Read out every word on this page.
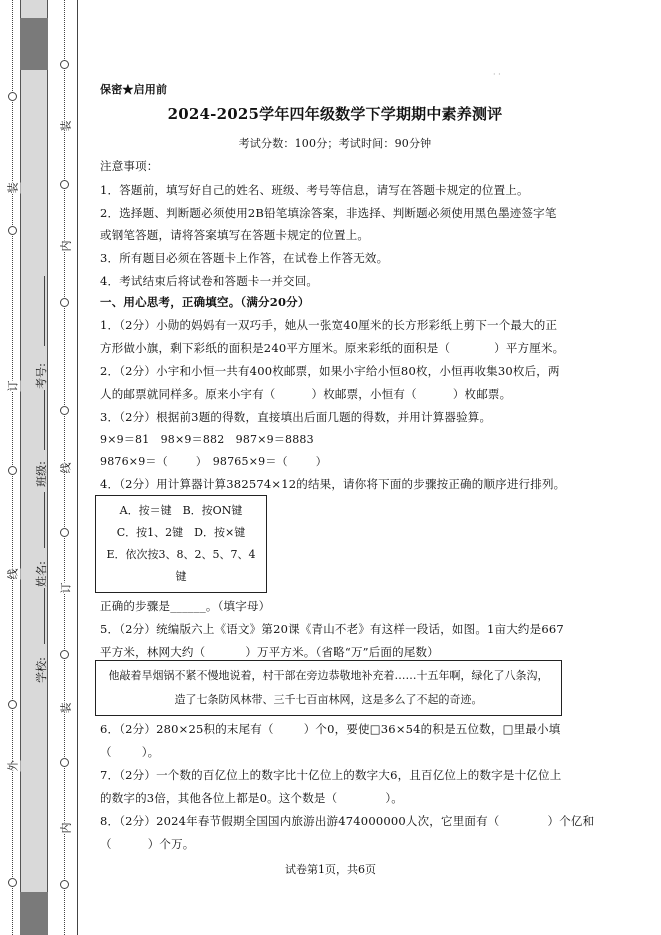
装
内
线
订
装
内
装
订
线
外
考号:
班级:
姓名:
学校:
· ·
保密★启用前
2024-2025学年四年级数学下学期期中素养测评
考试分数：100分；考试时间：90分钟
注意事项：
1．答题前，填写好自己的姓名、班级、考号等信息，请写在答题卡规定的位置上。
2．选择题、判断题必须使用2B铅笔填涂答案，非选择、判断题必须使用黑色墨迹签字笔
或钢笔答题，请将答案填写在答题卡规定的位置上。
3．所有题目必须在答题卡上作答，在试卷上作答无效。
4．考试结束后将试卷和答题卡一并交回。
一、用心思考，正确填空。（满分20分）
1．（2分）小勋的妈妈有一双巧手，她从一张宽40厘米的长方形彩纸上剪下一个最大的正
方形做小旗，剩下彩纸的面积是240平方厘米。原来彩纸的面积是（	）平方厘米。
2．（2分）小宇和小恒一共有400枚邮票，如果小宇给小恒80枚，小恒再收集30枚后，两
人的邮票就同样多。原来小宇有（	）枚邮票，小恒有（	）枚邮票。
3．（2分）根据前3题的得数，直接填出后面几题的得数，并用计算器验算。
9×9＝81　98×9＝882　987×9＝8883
9876×9＝（	）　98765×9＝（	）
4．（2分）用计算器计算382574×12的结果，请你将下面的步骤按正确的顺序进行排列。
A．按＝键　B．按ON键
C．按1、2键　D．按×键
E．依次按3、8、2、5、7、4
键
正确的步骤是______。（填字母）
5．（2分）统编版六上《语文》第20课《青山不老》有这样一段话，如图。1亩大约是667
平方米，林网大约（	）万平方米。（省略“万”后面的尾数）
他敲着旱烟锅不紧不慢地说着，村干部在旁边恭敬地补充着……十五年啊，绿化了八条沟，
造了七条防风林带、三千七百亩林网，这是多么了不起的奇迹。
6．（2分）280×25积的末尾有（	）个0，要使□36×54的积是五位数，□里最小填
（	）。
7．（2分）一个数的百亿位上的数字比十亿位上的数字大6，且百亿位上的数字是十亿位上
的数字的3倍，其他各位上都是0。这个数是（	）。
8．（2分）2024年春节假期全国国内旅游出游474000000人次，它里面有（	）个亿和
（	）个万。
试卷第1页，共6页
